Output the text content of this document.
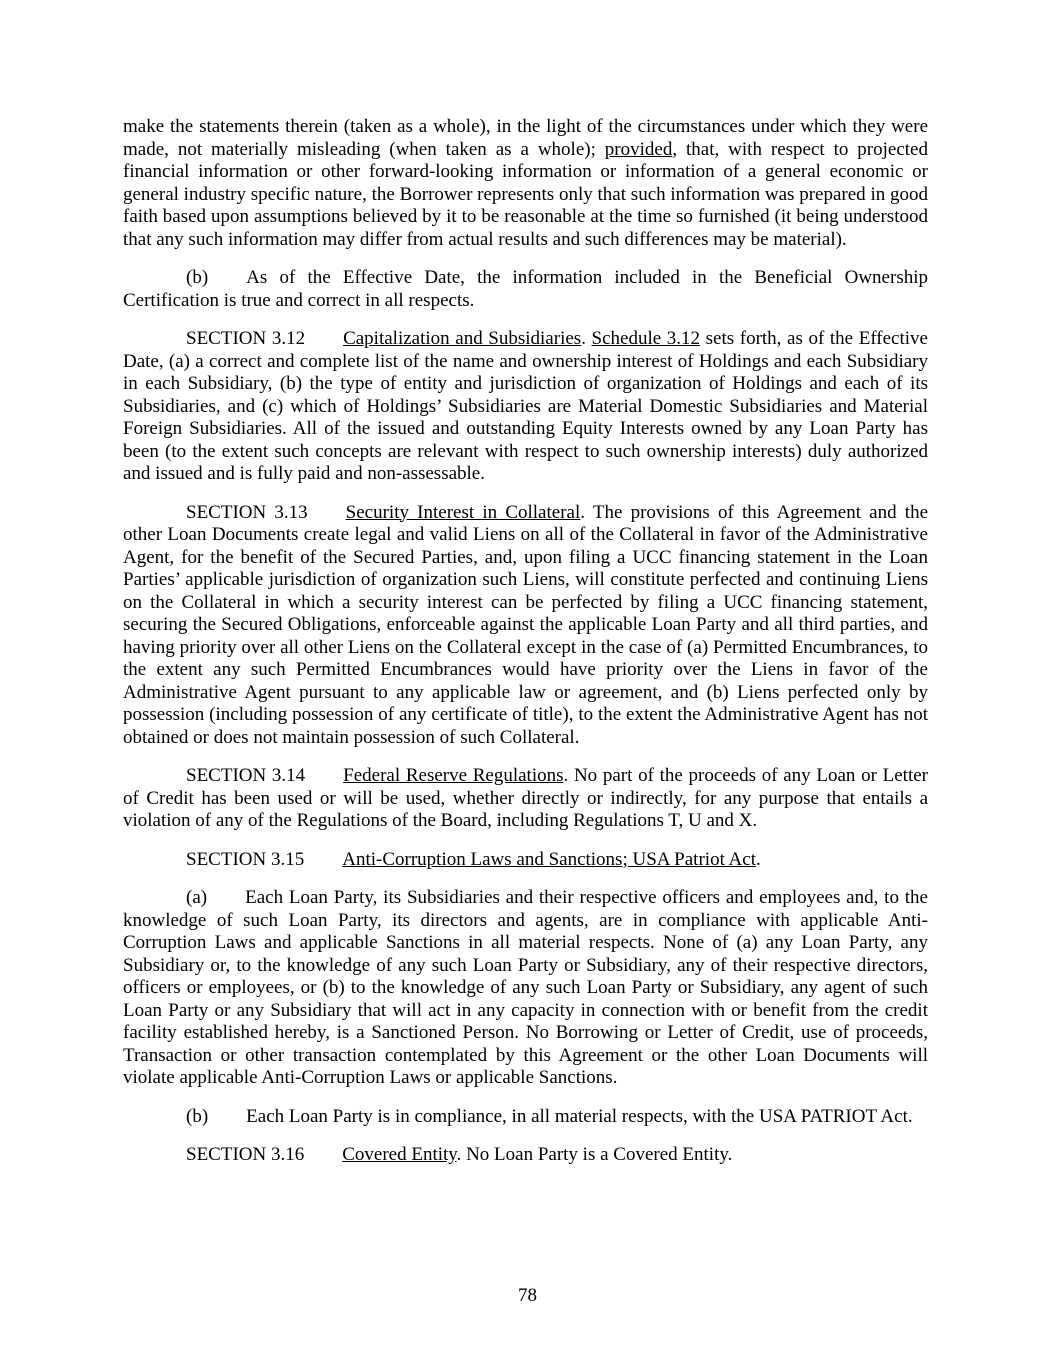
make the statements therein (taken as a whole), in the light of the circumstances under which they were made, not materially misleading (when taken as a whole); provided, that, with respect to projected financial information or other forward-looking information or information of a general economic or general industry specific nature, the Borrower represents only that such information was prepared in good faith based upon assumptions believed by it to be reasonable at the time so furnished (it being understood that any such information may differ from actual results and such differences may be material).

(b) As of the Effective Date, the information included in the Beneficial Ownership Certification is true and correct in all respects.

SECTION 3.12 Capitalization and Subsidiaries. Schedule 3.12 sets forth, as of the Effective Date, (a) a correct and complete list of the name and ownership interest of Holdings and each Subsidiary in each Subsidiary, (b) the type of entity and jurisdiction of organization of Holdings and each of its Subsidiaries, and (c) which of Holdings’ Subsidiaries are Material Domestic Subsidiaries and Material Foreign Subsidiaries. All of the issued and outstanding Equity Interests owned by any Loan Party has been (to the extent such concepts are relevant with respect to such ownership interests) duly authorized and issued and is fully paid and non-assessable.

SECTION 3.13 Security Interest in Collateral. The provisions of this Agreement and the other Loan Documents create legal and valid Liens on all of the Collateral in favor of the Administrative Agent, for the benefit of the Secured Parties, and, upon filing a UCC financing statement in the Loan Parties’ applicable jurisdiction of organization such Liens, will constitute perfected and continuing Liens on the Collateral in which a security interest can be perfected by filing a UCC financing statement, securing the Secured Obligations, enforceable against the applicable Loan Party and all third parties, and having priority over all other Liens on the Collateral except in the case of (a) Permitted Encumbrances, to the extent any such Permitted Encumbrances would have priority over the Liens in favor of the Administrative Agent pursuant to any applicable law or agreement, and (b) Liens perfected only by possession (including possession of any certificate of title), to the extent the Administrative Agent has not obtained or does not maintain possession of such Collateral.

SECTION 3.14 Federal Reserve Regulations. No part of the proceeds of any Loan or Letter of Credit has been used or will be used, whether directly or indirectly, for any purpose that entails a violation of any of the Regulations of the Board, including Regulations T, U and X.

SECTION 3.15 Anti-Corruption Laws and Sanctions; USA Patriot Act.

(a) Each Loan Party, its Subsidiaries and their respective officers and employees and, to the knowledge of such Loan Party, its directors and agents, are in compliance with applicable Anti-Corruption Laws and applicable Sanctions in all material respects. None of (a) any Loan Party, any Subsidiary or, to the knowledge of any such Loan Party or Subsidiary, any of their respective directors, officers or employees, or (b) to the knowledge of any such Loan Party or Subsidiary, any agent of such Loan Party or any Subsidiary that will act in any capacity in connection with or benefit from the credit facility established hereby, is a Sanctioned Person. No Borrowing or Letter of Credit, use of proceeds, Transaction or other transaction contemplated by this Agreement or the other Loan Documents will violate applicable Anti-Corruption Laws or applicable Sanctions.

(b) Each Loan Party is in compliance, in all material respects, with the USA PATRIOT Act.

SECTION 3.16 Covered Entity. No Loan Party is a Covered Entity.

78
